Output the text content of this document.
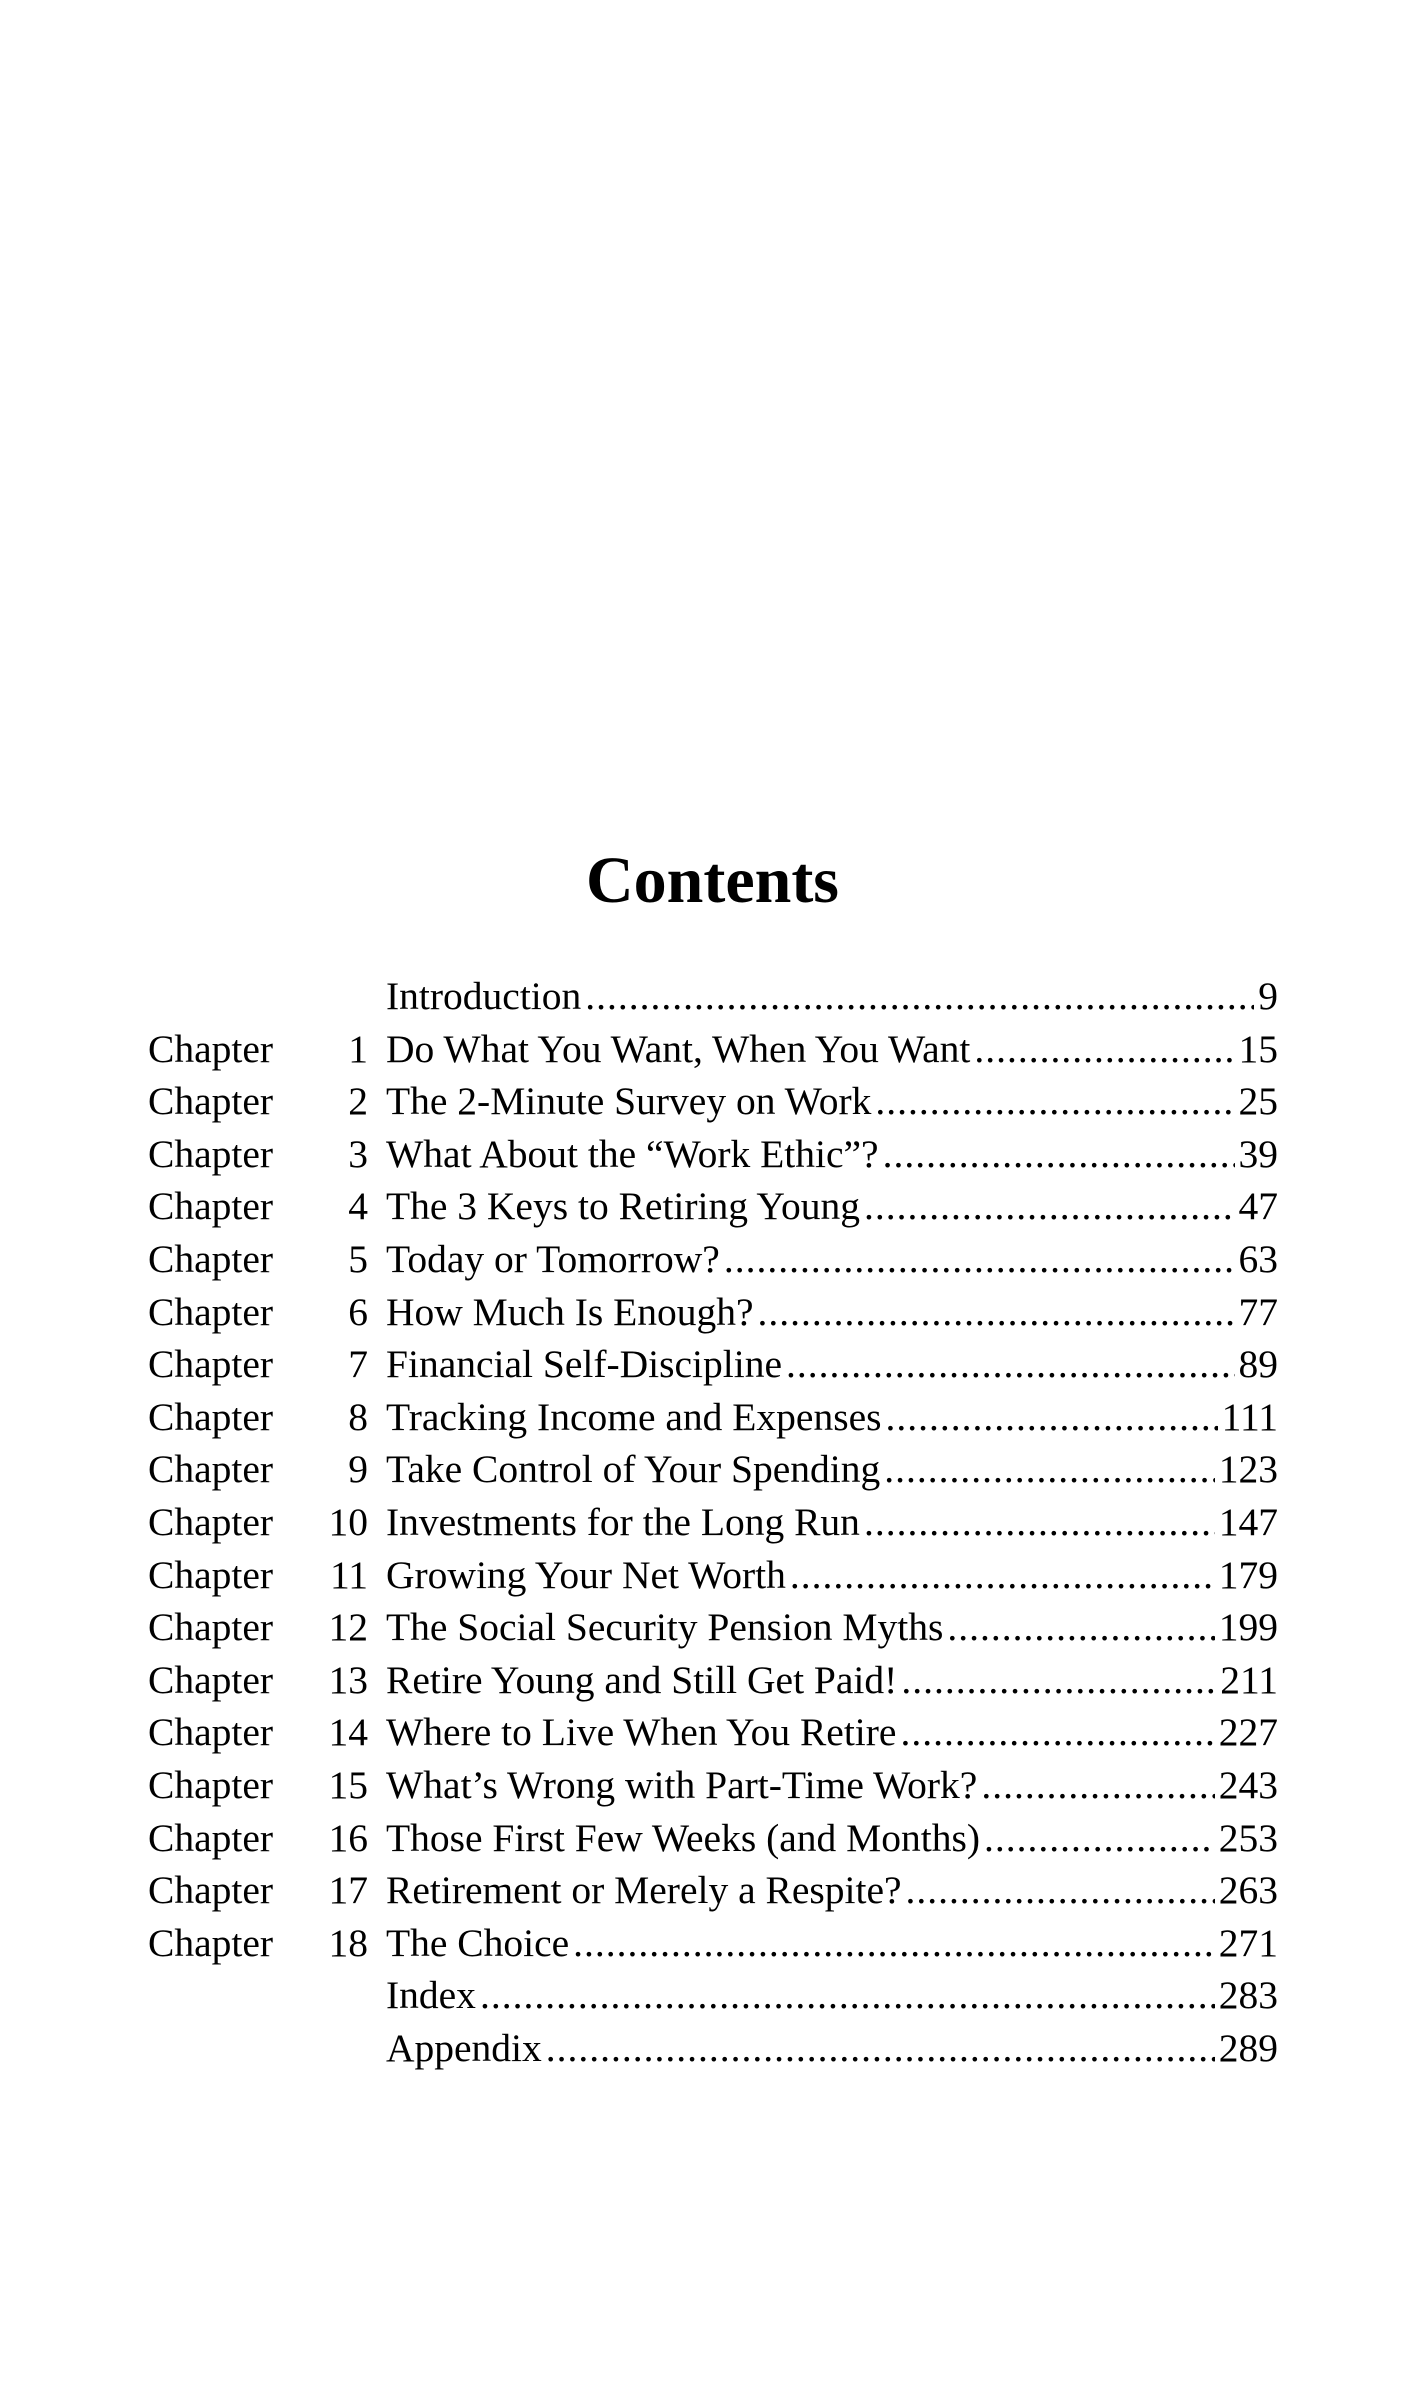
Contents
Introduction .....	9
Chapter	1 Do What You Want, When You Want .....	15
Chapter	2 The 2-Minute Survey on Work .....	25
Chapter	3 What About the “Work Ethic”? .....	39
Chapter	4 The 3 Keys to Retiring Young .....	47
Chapter	5 Today or Tomorrow? .....	63
Chapter	6 How Much Is Enough? .....	77
Chapter	7 Financial Self-Discipline .....	89
Chapter	8 Tracking Income and Expenses .....	111
Chapter	9 Take Control of Your Spending .....	123
Chapter 10 Investments for the Long Run .....	147
Chapter 11 Growing Your Net Worth .....	179
Chapter 12 The Social Security Pension Myths .....	199
Chapter 13 Retire Young and Still Get Paid! .....	211
Chapter 14 Where to Live When You Retire .....	227
Chapter 15 What’s Wrong with Part-Time Work? .....	243
Chapter 16 Those First Few Weeks (and Months) .....	253
Chapter 17 Retirement or Merely a Respite? .....	263
Chapter 18 The Choice .....	271
Index .....	283
Appendix .....	289
